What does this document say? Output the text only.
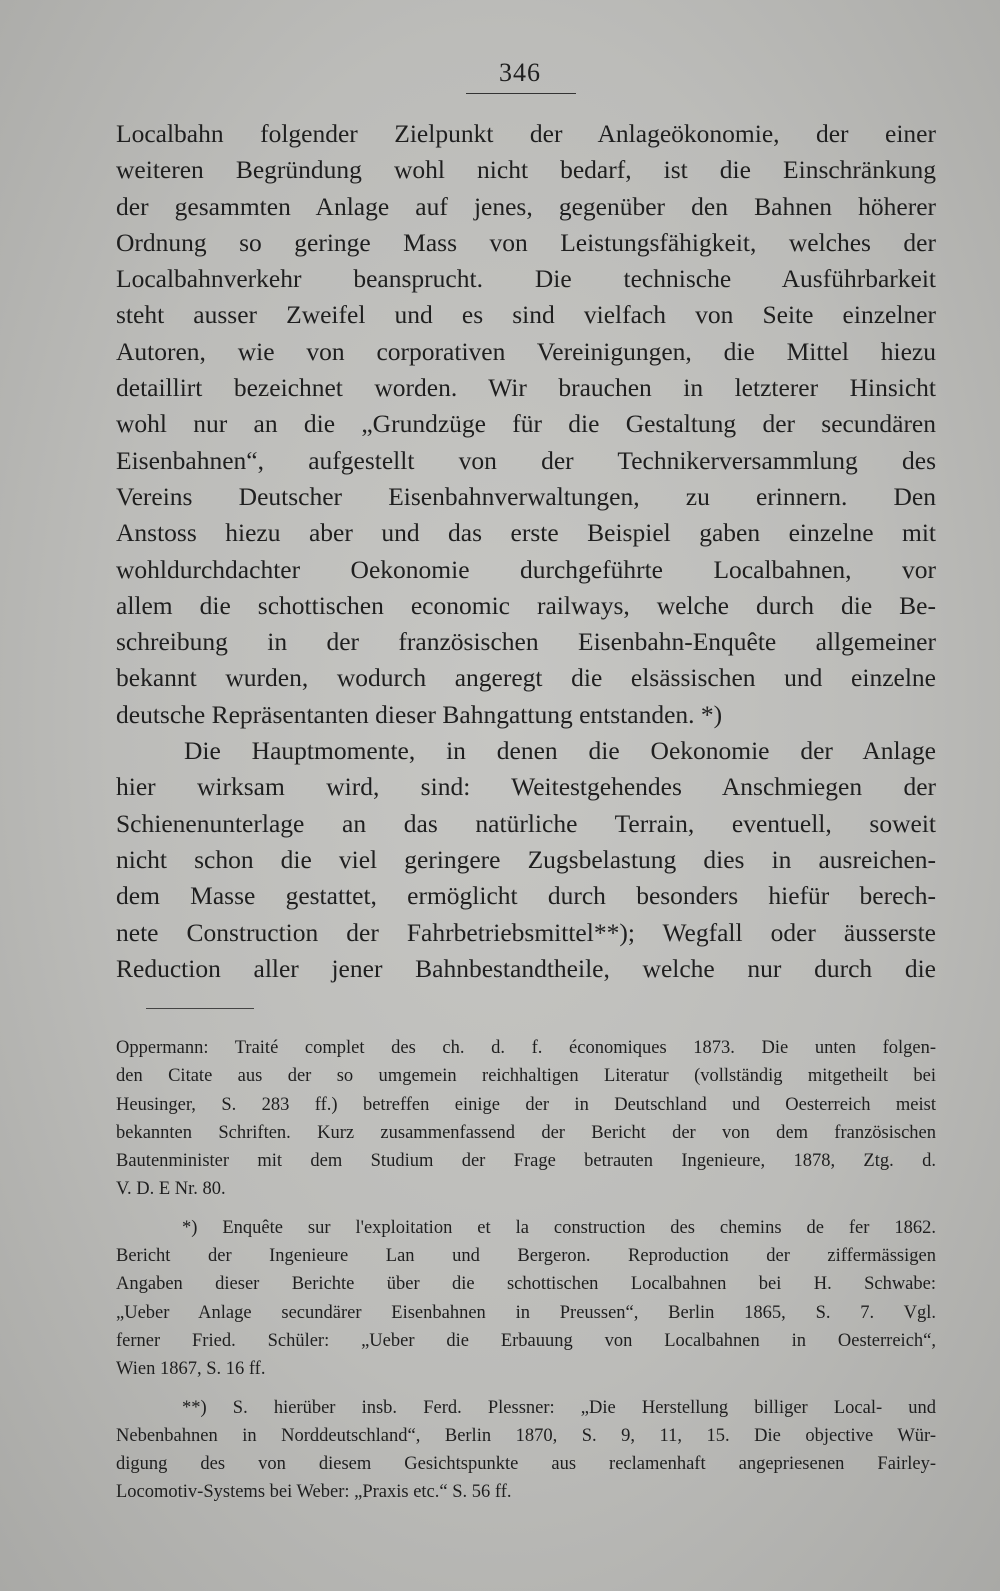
346
Localbahn folgender Zielpunkt der Anlageökonomie, der einer
weiteren Begründung wohl nicht bedarf, ist die Einschränkung
der gesammten Anlage auf jenes, gegenüber den Bahnen höherer
Ordnung so geringe Mass von Leistungsfähigkeit, welches der
Localbahnverkehr beansprucht. Die technische Ausführbarkeit
steht ausser Zweifel und es sind vielfach von Seite einzelner
Autoren, wie von corporativen Vereinigungen, die Mittel hiezu
detaillirt bezeichnet worden. Wir brauchen in letzterer Hinsicht
wohl nur an die „Grundzüge für die Gestaltung der secundären
Eisenbahnen“, aufgestellt von der Technikerversammlung des
Vereins Deutscher Eisenbahnverwaltungen, zu erinnern. Den
Anstoss hiezu aber und das erste Beispiel gaben einzelne mit
wohldurchdachter Oekonomie durchgeführte Localbahnen, vor
allem die schottischen economic railways, welche durch die Be-
schreibung in der französischen Eisenbahn-Enquête allgemeiner
bekannt wurden, wodurch angeregt die elsässischen und einzelne
deutsche Repräsentanten dieser Bahngattung entstanden. *)
Die Hauptmomente, in denen die Oekonomie der Anlage
hier wirksam wird, sind: Weitestgehendes Anschmiegen der
Schienenunterlage an das natürliche Terrain, eventuell, soweit
nicht schon die viel geringere Zugsbelastung dies in ausreichen-
dem Masse gestattet, ermöglicht durch besonders hiefür berech-
nete Construction der Fahrbetriebsmittel**); Wegfall oder äusserste
Reduction aller jener Bahnbestandtheile, welche nur durch die
Oppermann: Traité complet des ch. d. f. économiques 1873. Die unten folgen-
den Citate aus der so umgemein reichhaltigen Literatur (vollständig mitgetheilt bei
Heusinger, S. 283 ff.) betreffen einige der in Deutschland und Oesterreich meist
bekannten Schriften. Kurz zusammenfassend der Bericht der von dem französischen
Bautenminister mit dem Studium der Frage betrauten Ingenieure, 1878, Ztg. d.
V. D. E Nr. 80.
*) Enquête sur l'exploitation et la construction des chemins de fer 1862.
Bericht der Ingenieure Lan und Bergeron. Reproduction der ziffermässigen
Angaben dieser Berichte über die schottischen Localbahnen bei H. Schwabe:
„Ueber Anlage secundärer Eisenbahnen in Preussen“, Berlin 1865, S. 7. Vgl.
ferner Fried. Schüler: „Ueber die Erbauung von Localbahnen in Oesterreich“,
Wien 1867, S. 16 ff.
**) S. hierüber insb. Ferd. Plessner: „Die Herstellung billiger Local- und
Nebenbahnen in Norddeutschland“, Berlin 1870, S. 9, 11, 15. Die objective Wür-
digung des von diesem Gesichtspunkte aus reclamenhaft angepriesenen Fairley-
Locomotiv-Systems bei Weber: „Praxis etc.“ S. 56 ff.
